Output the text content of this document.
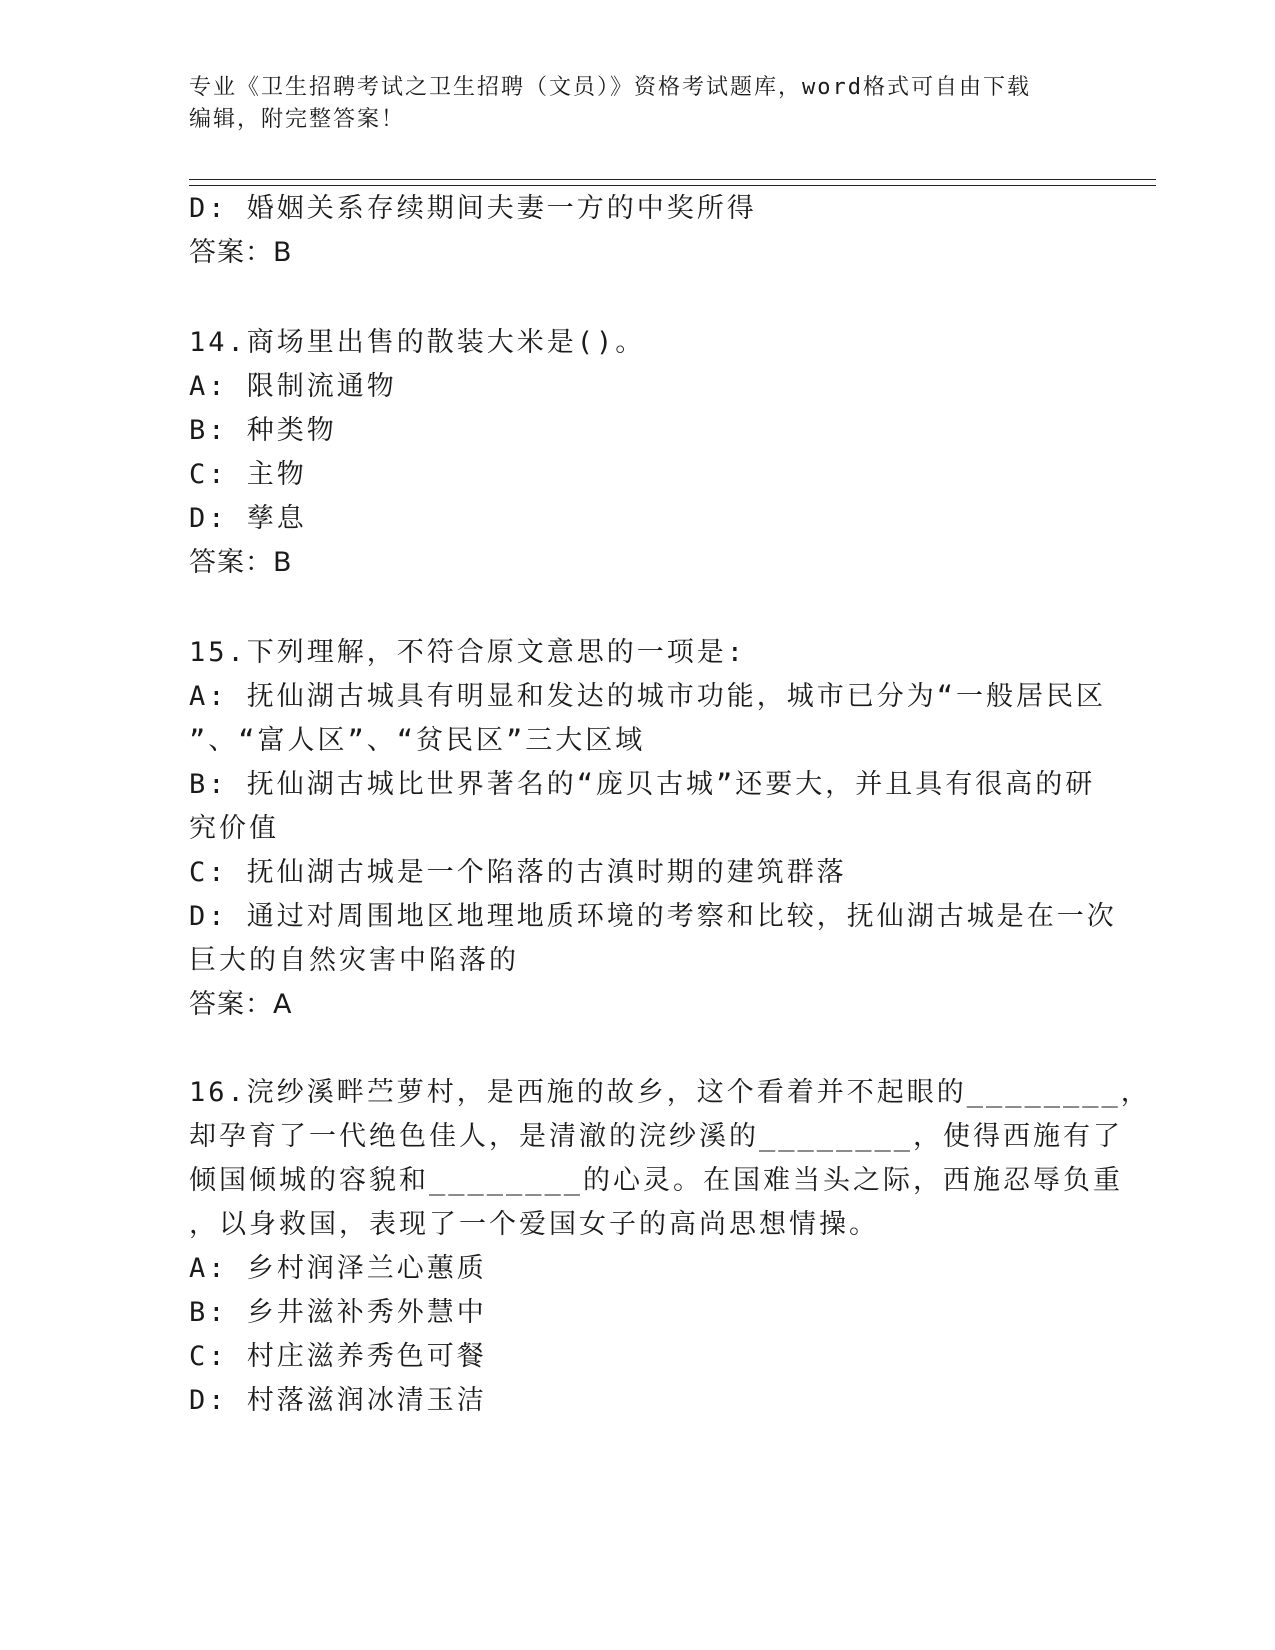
专业《卫生招聘考试之卫生招聘（文员）》资格考试题库，word格式可自由下载
编辑，附完整答案！
D: 婚姻关系存续期间夫妻一方的中奖所得
答案：B
14.商场里出售的散装大米是()。
A: 限制流通物
B: 种类物
C: 主物
D: 孳息
答案：B
15.下列理解，不符合原文意思的一项是:
A: 抚仙湖古城具有明显和发达的城市功能，城市已分为“一般居民区
”、“富人区”、“贫民区”三大区域
B: 抚仙湖古城比世界著名的“庞贝古城”还要大，并且具有很高的研
究价值
C: 抚仙湖古城是一个陷落的古滇时期的建筑群落
D: 通过对周围地区地理地质环境的考察和比较，抚仙湖古城是在一次
巨大的自然灾害中陷落的
答案：A
16.浣纱溪畔苎萝村，是西施的故乡，这个看着并不起眼的________，
却孕育了一代绝色佳人，是清澈的浣纱溪的________，使得西施有了
倾国倾城的容貌和________的心灵。在国难当头之际，西施忍辱负重
，以身救国，表现了一个爱国女子的高尚思想情操。
A: 乡村润泽兰心蕙质
B: 乡井滋补秀外慧中
C: 村庄滋养秀色可餐
D: 村落滋润冰清玉洁
